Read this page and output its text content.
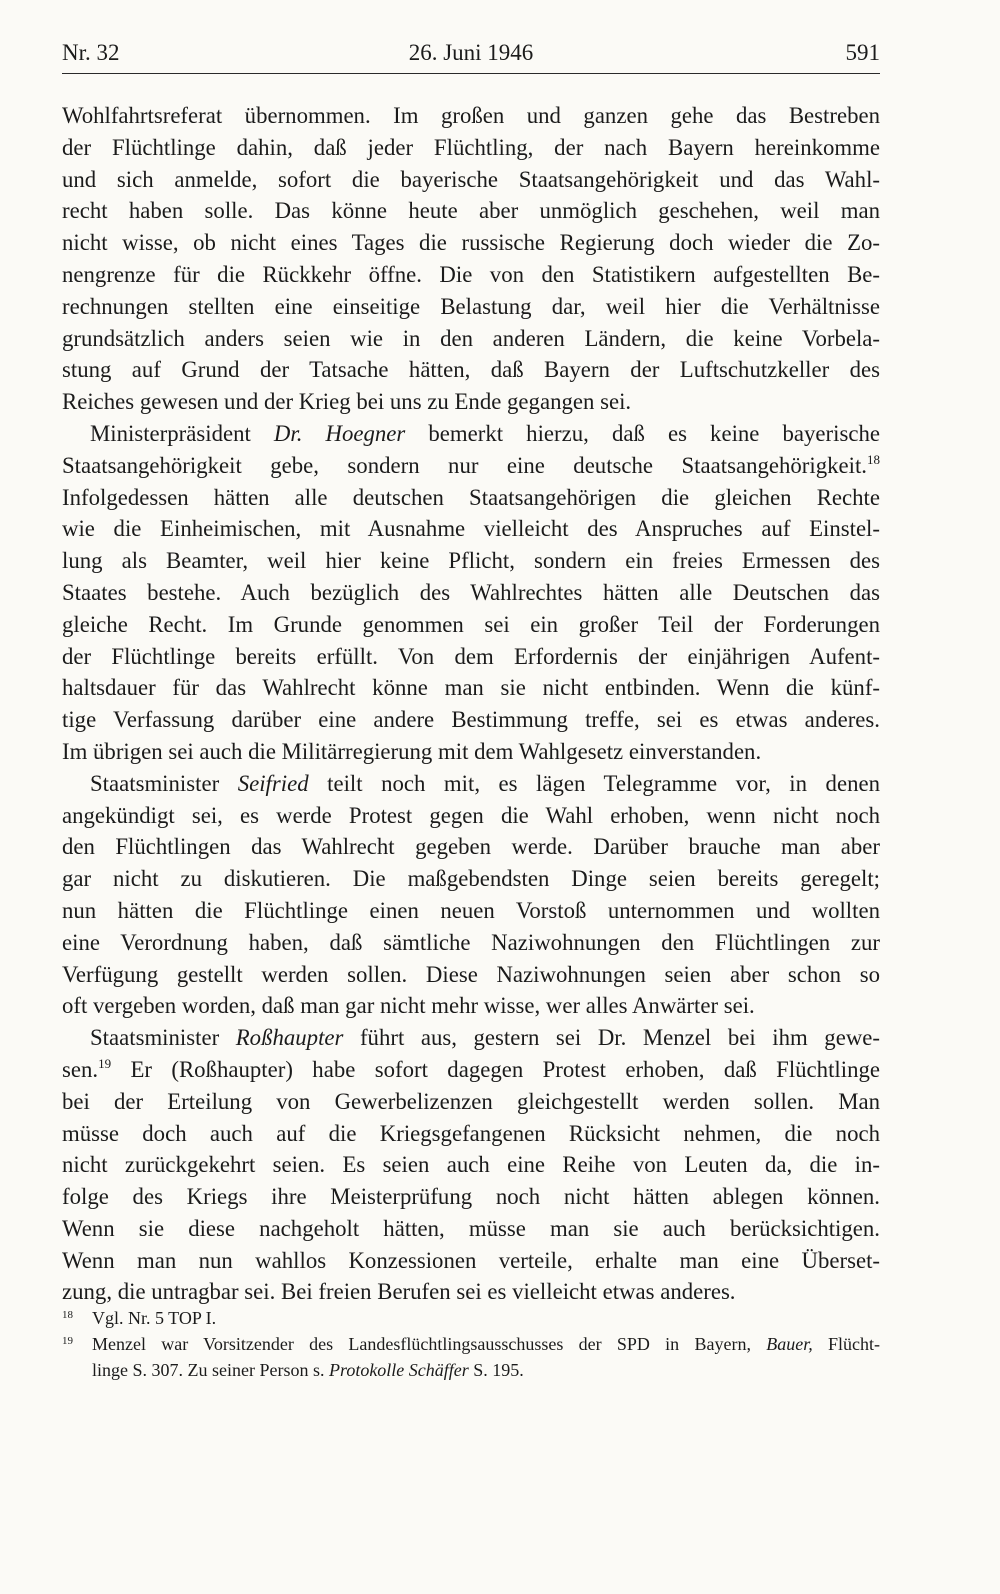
Nr. 32	26. Juni 1946	591
Wohlfahrtsreferat übernommen. Im großen und ganzen gehe das Bestreben
der Flüchtlinge dahin, daß jeder Flüchtling, der nach Bayern hereinkomme
und sich anmelde, sofort die bayerische Staatsangehörigkeit und das Wahl-
recht haben solle. Das könne heute aber unmöglich geschehen, weil man
nicht wisse, ob nicht eines Tages die russische Regierung doch wieder die Zo-
nengrenze für die Rückkehr öffne. Die von den Statistikern aufgestellten Be-
rechnungen stellten eine einseitige Belastung dar, weil hier die Verhältnisse
grundsätzlich anders seien wie in den anderen Ländern, die keine Vorbela-
stung auf Grund der Tatsache hätten, daß Bayern der Luftschutzkeller des
Reiches gewesen und der Krieg bei uns zu Ende gegangen sei.
Ministerpräsident Dr. Hoegner bemerkt hierzu, daß es keine bayerische
Staatsangehörigkeit gebe, sondern nur eine deutsche Staatsangehörigkeit.$^{18}$
Infolgedessen hätten alle deutschen Staatsangehörigen die gleichen Rechte
wie die Einheimischen, mit Ausnahme vielleicht des Anspruches auf Einstel-
lung als Beamter, weil hier keine Pflicht, sondern ein freies Ermessen des
Staates bestehe. Auch bezüglich des Wahlrechtes hätten alle Deutschen das
gleiche Recht. Im Grunde genommen sei ein großer Teil der Forderungen
der Flüchtlinge bereits erfüllt. Von dem Erfordernis der einjährigen Aufent-
haltsdauer für das Wahlrecht könne man sie nicht entbinden. Wenn die künf-
tige Verfassung darüber eine andere Bestimmung treffe, sei es etwas anderes.
Im übrigen sei auch die Militärregierung mit dem Wahlgesetz einverstanden.
Staatsminister Seifried teilt noch mit, es lägen Telegramme vor, in denen
angekündigt sei, es werde Protest gegen die Wahl erhoben, wenn nicht noch
den Flüchtlingen das Wahlrecht gegeben werde. Darüber brauche man aber
gar nicht zu diskutieren. Die maßgebendsten Dinge seien bereits geregelt;
nun hätten die Flüchtlinge einen neuen Vorstoß unternommen und wollten
eine Verordnung haben, daß sämtliche Naziwohnungen den Flüchtlingen zur
Verfügung gestellt werden sollen. Diese Naziwohnungen seien aber schon so
oft vergeben worden, daß man gar nicht mehr wisse, wer alles Anwärter sei.
Staatsminister Roßhaupter führt aus, gestern sei Dr. Menzel bei ihm gewe-
sen.$^{19}$ Er (Roßhaupter) habe sofort dagegen Protest erhoben, daß Flüchtlinge
bei der Erteilung von Gewerbelizenzen gleichgestellt werden sollen. Man
müsse doch auch auf die Kriegsgefangenen Rücksicht nehmen, die noch
nicht zurückgekehrt seien. Es seien auch eine Reihe von Leuten da, die in-
folge des Kriegs ihre Meisterprüfung noch nicht hätten ablegen können.
Wenn sie diese nachgeholt hätten, müsse man sie auch berücksichtigen.
Wenn man nun wahllos Konzessionen verteile, erhalte man eine Überset-
zung, die untragbar sei. Bei freien Berufen sei es vielleicht etwas anderes.
18 Vgl. Nr. 5 TOP I.
19 Menzel war Vorsitzender des Landesflüchtlingsausschusses der SPD in Bayern, Bauer, Flücht-
linge S. 307. Zu seiner Person s. Protokolle Schäffer S. 195.
